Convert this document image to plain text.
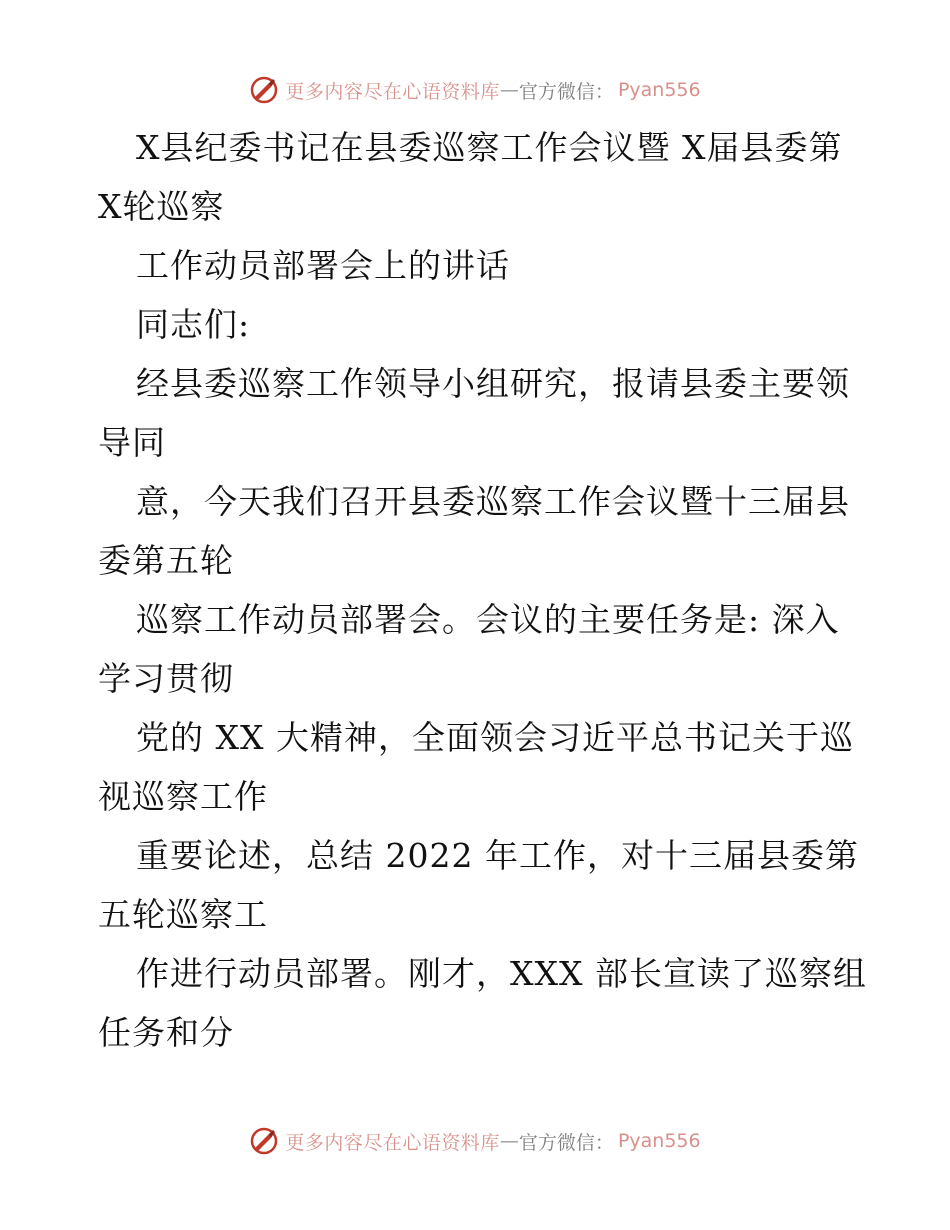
更多内容尽在心语资料库 — 官方微信： Pyan556
X县纪委书记在县委巡察工作会议暨 X届县委第
X轮巡察
工作动员部署会上的讲话
同志们:
经县委巡察工作领导小组研究，报请县委主要领
导同
意，今天我们召开县委巡察工作会议暨十三届县
委第五轮
巡察工作动员部署会。会议的主要任务是: 深入
学习贯彻
党的 XX 大精神，全面领会习近平总书记关于巡
视巡察工作
重要论述，总结 2022 年工作，对十三届县委第
五轮巡察工
作进行动员部署。刚才，XXX 部长宣读了巡察组
任务和分
更多内容尽在心语资料库 — 官方微信： Pyan556
